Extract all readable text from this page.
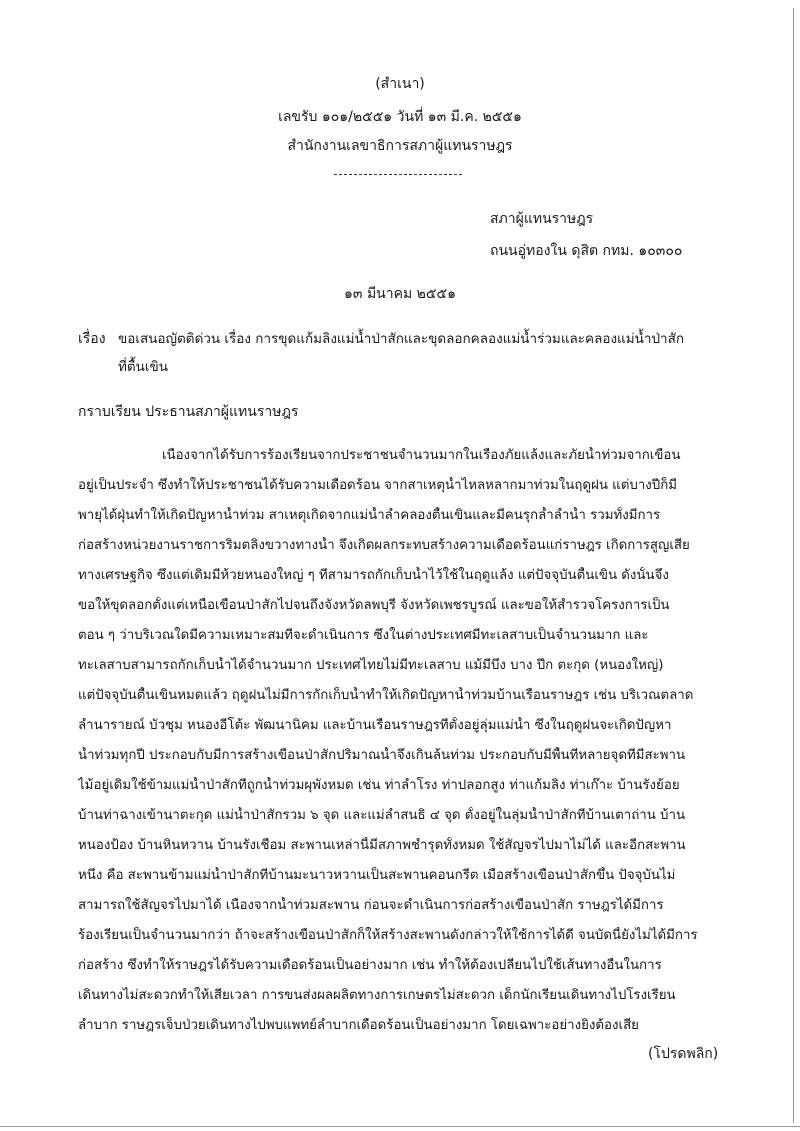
(สำเนา)
เลขรับ ๑๐๑/๒๕๕๑ วันที่ ๑๓ มี.ค. ๒๕๕๑
สำนักงานเลขาธิการสภาผู้แทนราษฎร
สภาผู้แทนราษฎร
ถนนอู่ทองใน ดุสิต กทม. ๑๐๓๐๐
๑๓ มีนาคม ๒๕๕๑
เรื่อง ขอเสนอญัตติด่วน เรื่อง การขุดแก้มลิงแม่น้ำป่าสักและขุดลอกคลองแม่น้ำร่วมและคลองแม่น้ำป่าสัก
ที่ตื้นเขิน
กราบเรียน ประธานสภาผู้แทนราษฎร
เนื่องจากได้รับการร้องเรียนจากประชาชนจำนวนมากในเรื่องภัยแล้งและภัยน้ำท่วมจากเขื่อน
อยู่เป็นประจำ ซึ่งทำให้ประชาชนได้รับความเดือดร้อน จากสาเหตุน้ำไหลหลากมาท่วมในฤดูฝน แต่บางปีก็มี
พายุได้ฝุ่นทำให้เกิดปัญหาน้ำท่วม สาเหตุเกิดจากแม่น้ำลำคลองตื้นเขินและมีคนรุกล้ำลำน้ำ รวมทั้งมีการ
ก่อสร้างหน่วยงานราชการริมตลิ่งขวางทางน้ำ จึงเกิดผลกระทบสร้างความเดือดร้อนแก่ราษฎร เกิดการสูญเสีย
ทางเศรษฐกิจ ซึ่งแต่เดิมมีห้วยหนองใหญ่ ๆ ที่สามารถกักเก็บน้ำไว้ใช้ในฤดูแล้ง แต่ปัจจุบันตื้นเขิน ดังนั้นจึง
ขอให้ขุดลอกตั้งแต่เหนือเขื่อนป่าสักไปจนถึงจังหวัดลพบุรี จังหวัดเพชรบูรณ์ และขอให้สำรวจโครงการเป็น
ตอน ๆ ว่าบริเวณใดมีความเหมาะสมที่จะดำเนินการ ซึ่งในต่างประเทศมีทะเลสาบเป็นจำนวนมาก และ
ทะเลสาบสามารถกักเก็บน้ำได้จำนวนมาก ประเทศไทยไม่มีทะเลสาบ แม้มีบึง บาง ปึก ตะกุด (หนองใหญ่)
แต่ปัจจุบันตื้นเขินหมดแล้ว ฤดูฝนไม่มีการกักเก็บน้ำทำให้เกิดปัญหาน้ำท่วมบ้านเรือนราษฎร เช่น บริเวณตลาด
ลำนารายณ์ บัวชุม หนองอีโต้ะ พัฒนานิคม และบ้านเรือนราษฎรที่ตั้งอยู่ลุ่มแม่น้ำ ซึ่งในฤดูฝนจะเกิดปัญหา
น้ำท่วมทุกปี ประกอบกับมีการสร้างเขื่อนป่าสักปริมาณน้ำจึงเกินล้นท่วม ประกอบกับมีพื้นที่หลายจุดที่มีสะพาน
ไม้อยู่เดิมใช้ข้ามแม่น้ำป่าสักที่ถูกน้ำท่วมผุพังหมด เช่น ท่าลำโรง ท่าปลอกสูง ท่าแก้มลิง ท่าเก๊าะ บ้านรังย้อย
บ้านท่าฉางเข้านาตะกุด แม่น้ำป่าสักรวม ๖ จุด และแม่ลำสนธิ ๔ จุด ตั้งอยู่ในลุ่มน้ำป่าสักที่บ้านเตาถ่าน บ้าน
หนองป้อง บ้านหินหวาน บ้านรังเชื่อม สะพานเหล่านี้มีสภาพชำรุดทั้งหมด ใช้สัญจรไปมาไม่ได้ และอีกสะพาน
หนึ่ง คือ สะพานข้ามแม่น้ำป่าสักที่บ้านมะนาวหวานเป็นสะพานคอนกรีต เมื่อสร้างเขื่อนป่าสักขึ้น ปัจจุบันไม่
สามารถใช้สัญจรไปมาได้ เนื่องจากน้ำท่วมสะพาน ก่อนจะดำเนินการก่อสร้างเขื่อนป่าสัก ราษฎรได้มีการ
ร้องเรียนเป็นจำนวนมากว่า ถ้าจะสร้างเขื่อนป่าสักก็ให้สร้างสะพานดังกล่าวให้ใช้การได้ดี จนบัดนี้ยังไม่ได้มีการ
ก่อสร้าง ซึ่งทำให้ราษฎรได้รับความเดือดร้อนเป็นอย่างมาก เช่น ทำให้ต้องเปลี่ยนไปใช้เส้นทางอื่นในการ
เดินทางไม่สะดวกทำให้เสียเวลา การขนส่งผลผลิตทางการเกษตรไม่สะดวก เด็กนักเรียนเดินทางไปโรงเรียน
ลำบาก ราษฎรเจ็บป่วยเดินทางไปพบแพทย์ลำบากเดือดร้อนเป็นอย่างมาก โดยเฉพาะอย่างยิ่งต้องเสีย
(โปรดพลิก)
